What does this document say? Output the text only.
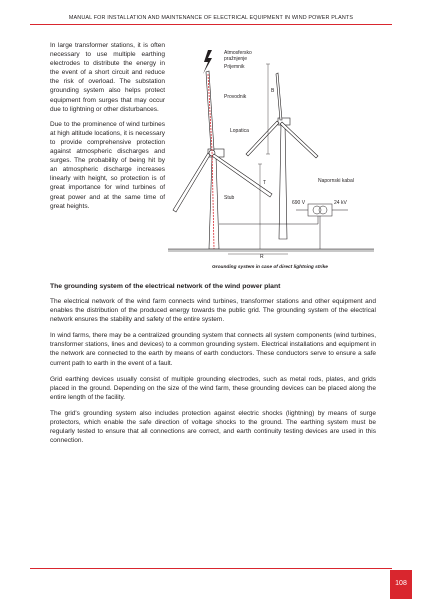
MANUAL FOR INSTALLATION AND MAINTENANCE OF ELECTRICAL EQUIPMENT IN WIND POWER PLANTS

In large transformer stations, it is often necessary to use multiple earthing electrodes to distribute the energy in the event of a short circuit and reduce the risk of overload. The substation grounding system also helps protect equipment from surges that may occur due to lightning or other disturbances.

Due to the prominence of wind turbines at high altitude locations, it is necessary to provide comprehensive protection against atmospheric discharges and surges. The probability of being hit by an atmospheric discharge increases linearly with height, so protection is of great importance for wind turbines of great power and at the same time of great heights.

Atmosfersko
pražnjenje
Prijemnik
Provodnik
Lopatica
Stub
Napornski kabal
690 V	24 kV
B
T
R
Grounding system in case of direct lightning strike
The grounding system of the electrical network of the wind power plant

The electrical network of the wind farm connects wind turbines, transformer stations and other equipment and enables the distribution of the produced energy towards the public grid. The grounding system of the electrical network ensures the stability and safety of the entire system.

In wind farms, there may be a centralized grounding system that connects all system components (wind turbines, transformer stations, lines and devices) to a common grounding system. Electrical installations and equipment in the network are connected to the earth by means of earth conductors. These conductors serve to ensure a safe current path to earth in the event of a fault.

Grid earthing devices usually consist of multiple grounding electrodes, such as metal rods, plates, and grids placed in the ground. Depending on the size of the wind farm, these grounding devices can be placed along the entire length of the facility.

The grid's grounding system also includes protection against electric shocks (lightning) by means of surge protectors, which enable the safe direction of voltage shocks to the ground. The earthing system must be regularly tested to ensure that all connections are correct, and earth continuity testing devices are used in this connection.

108
